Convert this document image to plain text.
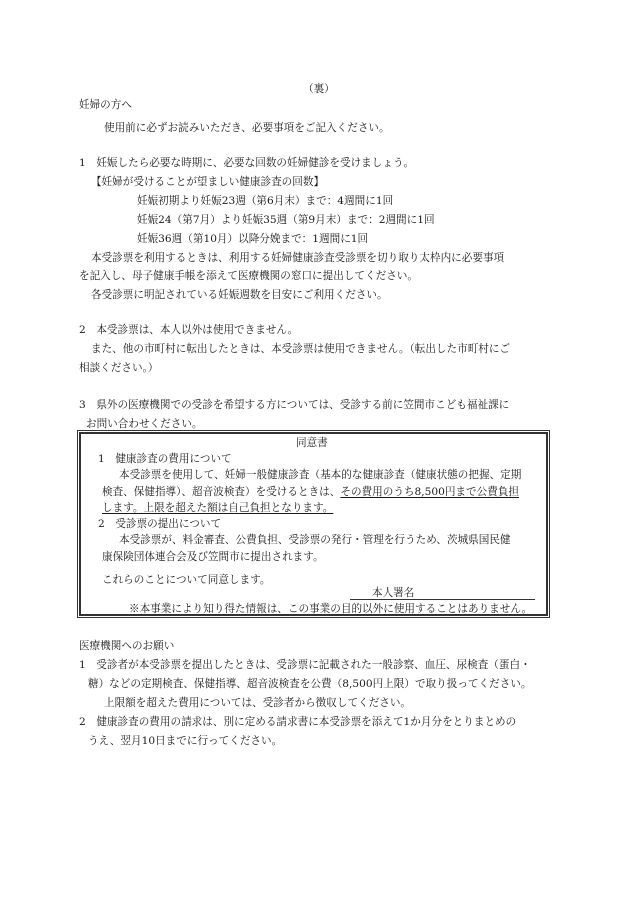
（裏）
妊婦の方へ
使用前に必ずお読みいただき、必要事項をご記入ください。
1　妊娠したら必要な時期に、必要な回数の妊婦健診を受けましょう。
【妊婦が受けることが望ましい健康診査の回数】
妊娠初期より妊娠23週（第6月末）まで：4週間に1回
妊娠24（第7月）より妊娠35週（第9月末）まで：2週間に1回
妊娠36週（第10月）以降分娩まで：1週間に1回
本受診票を利用するときは、利用する妊婦健康診査受診票を切り取り太枠内に必要事項
を記入し、母子健康手帳を添えて医療機関の窓口に提出してください。
各受診票に明記されている妊娠週数を目安にご利用ください。
2　本受診票は、本人以外は使用できません。
また、他の市町村に転出したときは、本受診票は使用できません。（転出した市町村にご
相談ください。）
3　県外の医療機関での受診を希望する方については、受診する前に笠間市こども福祉課に
お問い合わせください。
同意書
1　健康診査の費用について
本受診票を使用して、妊婦一般健康診査（基本的な健康診査（健康状態の把握、定期
検査、保健指導）、超音波検査）を受けるときは、その費用のうち8,500円まで公費負担
します。上限を超えた額は自己負担となります。
2　受診票の提出について
本受診票が、料金審査、公費負担、受診票の発行・管理を行うため、茨城県国民健
康保険団体連合会及び笠間市に提出されます。
これらのことについて同意します。
本人署名
※本事業により知り得た情報は、この事業の目的以外に使用することはありません。
医療機関へのお願い
1　受診者が本受診票を提出したときは、受診票に記載された一般診察、血圧、尿検査（蛋白・
糖）などの定期検査、保健指導、超音波検査を公費（8,500円上限）で取り扱ってください。
上限額を超えた費用については、受診者から徴収してください。
2　健康診査の費用の請求は、別に定める請求書に本受診票を添えて1か月分をとりまとめの
うえ、翌月10日までに行ってください。
